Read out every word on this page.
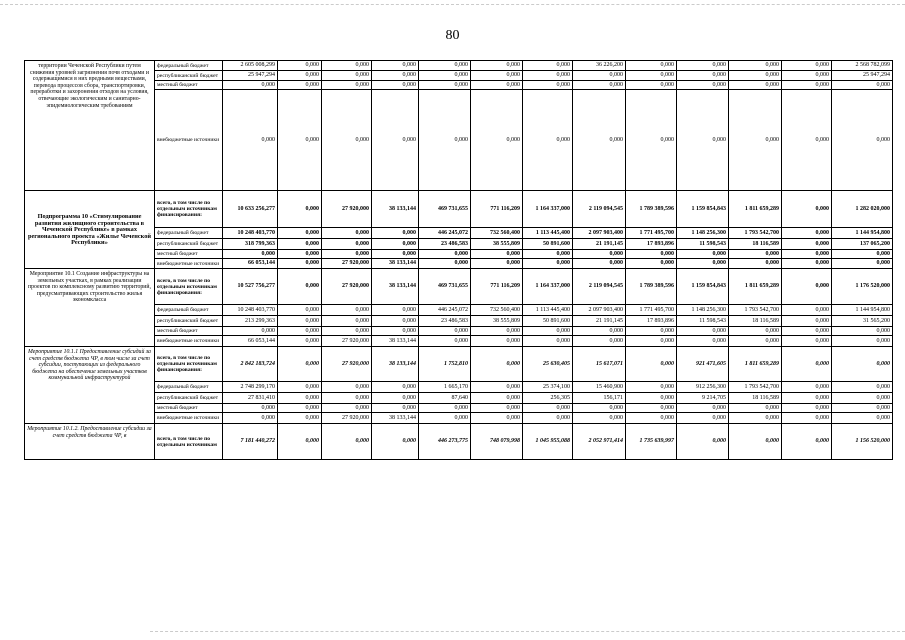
80
территории Чеченской Республики путем снижения уровней загрязнения почв отходами и содержащимися в них вредными веществами, перевода процессов сбора, транспортировки, переработки и захоронения отходов на условия, отвечающие экологическим и санитарно-эпидемиологическим требованиям	федеральный бюджет	2 605 008,299	0,000	0,000	0,000	0,000	0,000	0,000	36 226,200	0,000	0,000	0,000	0,000	2 568 782,099
	республиканский бюджет	25 947,294	0,000	0,000	0,000	0,000	0,000	0,000	0,000	0,000	0,000	0,000	0,000	25 947,294
	местный бюджет	0,000	0,000	0,000	0,000	0,000	0,000	0,000	0,000	0,000	0,000	0,000	0,000	0,000
	внебюджетные источники	0,000	0,000	0,000	0,000	0,000	0,000	0,000	0,000	0,000	0,000	0,000	0,000	0,000
Подпрограмма 10 «Стимулирование развития жилищного строительства в Чеченской Республике» в рамках регионального проекта «Жилье Чеченской Республики»	всего, в том числе по отдельным источникам финансирования:	10 633 256,277	0,000	27 920,000	38 133,144	469 731,655	771 116,209	1 164 337,000	2 119 094,545	1 789 389,596	1 159 854,843	1 811 659,289	0,000	1 282 020,000
	федеральный бюджет	10 248 403,770	0,000	0,000	0,000	446 245,072	732 560,400	1 113 445,400	2 097 903,400	1 771 495,700	1 148 256,300	1 793 542,700	0,000	1 144 954,800
	республиканский бюджет	318 799,363	0,000	0,000	0,000	23 486,583	38 555,809	50 891,600	21 191,145	17 893,896	11 598,543	18 116,589	0,000	137 065,200
	местный бюджет	0,000	0,000	0,000	0,000	0,000	0,000	0,000	0,000	0,000	0,000	0,000	0,000	0,000
	внебюджетные источники	66 053,144	0,000	27 920,000	38 133,144	0,000	0,000	0,000	0,000	0,000	0,000	0,000	0,000	0,000
Мероприятие 10.1 Создание инфраструктуры на земельных участках, в рамках реализации проектов по комплексному развитию территорий, предусматривающих строительство жилья экономкласса	всего, в том числе по отдельным источникам финансирования:	10 527 756,277	0,000	27 920,000	38 133,144	469 731,655	771 116,209	1 164 337,000	2 119 094,545	1 789 389,596	1 159 854,843	1 811 659,289	0,000	1 176 520,000
	федеральный бюджет	10 248 403,770	0,000	0,000	0,000	446 245,072	732 560,400	1 113 445,400	2 097 903,400	1 771 495,700	1 148 256,300	1 793 542,700	0,000	1 144 954,800
	республиканский бюджет	213 299,363	0,000	0,000	0,000	23 486,583	38 555,809	50 891,600	21 191,145	17 893,896	11 598,543	18 116,589	0,000	31 565,200
	местный бюджет	0,000	0,000	0,000	0,000	0,000	0,000	0,000	0,000	0,000	0,000	0,000	0,000	0,000
	внебюджетные источники	66 053,144	0,000	27 920,000	38 133,144	0,000	0,000	0,000	0,000	0,000	0,000	0,000	0,000	0,000
Мероприятие 10.1.1 Предоставление субсидий за счет средств бюджета ЧР, в том числе за счет субсидии, поступающих из федерального бюджета на обеспечение земельных участков коммунальной инфраструктурой	всего, в том числе по отдельным источникам финансирования:	2 842 183,724	0,000	27 920,000	38 133,144	1 752,810	0,000	25 630,405	15 617,071	0,000	921 471,605	1 811 659,289	0,000	0,000
	федеральный бюджет	2 748 299,170	0,000	0,000	0,000	1 665,170	0,000	25 374,100	15 460,900	0,000	912 256,300	1 793 542,700	0,000	0,000
	республиканский бюджет	27 831,410	0,000	0,000	0,000	87,640	0,000	256,305	156,171	0,000	9 214,705	18 116,589	0,000	0,000
	местный бюджет	0,000	0,000	0,000	0,000	0,000	0,000	0,000	0,000	0,000	0,000	0,000	0,000	0,000
	внебюджетные источники	0,000	0,000	27 920,000	38 133,144	0,000	0,000	0,000	0,000	0,000	0,000	0,000	0,000	0,000
Мероприятие 10.1.2. Предоставление субсидии за счет средств бюджета ЧР, в	всего, в том числе по отдельным источникам	7 181 440,272	0,000	0,000	0,000	446 273,775	748 079,998	1 045 955,088	2 052 971,414	1 735 639,997	0,000	0,000	0,000	1 156 520,000
